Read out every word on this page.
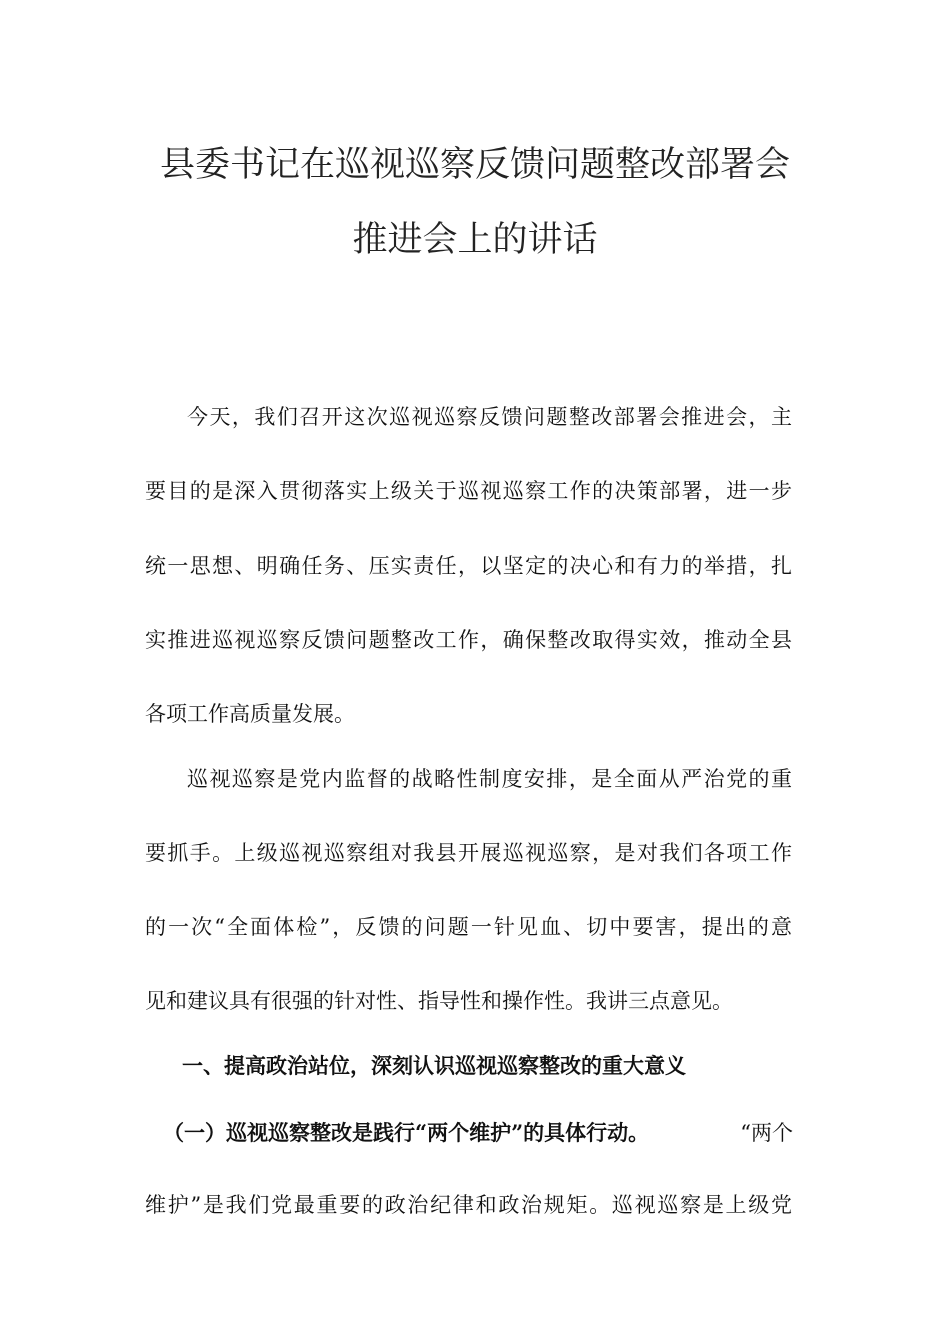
县委书记在巡视巡察反馈问题整改部署会
推进会上的讲话
今天，我们召开这次巡视巡察反馈问题整改部署会推进会，主
要目的是深入贯彻落实上级关于巡视巡察工作的决策部署，进一步
统一思想、明确任务、压实责任，以坚定的决心和有力的举措，扎
实推进巡视巡察反馈问题整改工作，确保整改取得实效，推动全县
各项工作高质量发展。
巡视巡察是党内监督的战略性制度安排，是全面从严治党的重
要抓手。上级巡视巡察组对我县开展巡视巡察，是对我们各项工作
的一次“全面体检”，反馈的问题一针见血、切中要害，提出的意
见和建议具有很强的针对性、指导性和操作性。我讲三点意见。
一、提高政治站位，深刻认识巡视巡察整改的重大意义
（一）巡视巡察整改是践行“两个维护”的具体行动。	“两个
维护”是我们党最重要的政治纪律和政治规矩。巡视巡察是上级党
